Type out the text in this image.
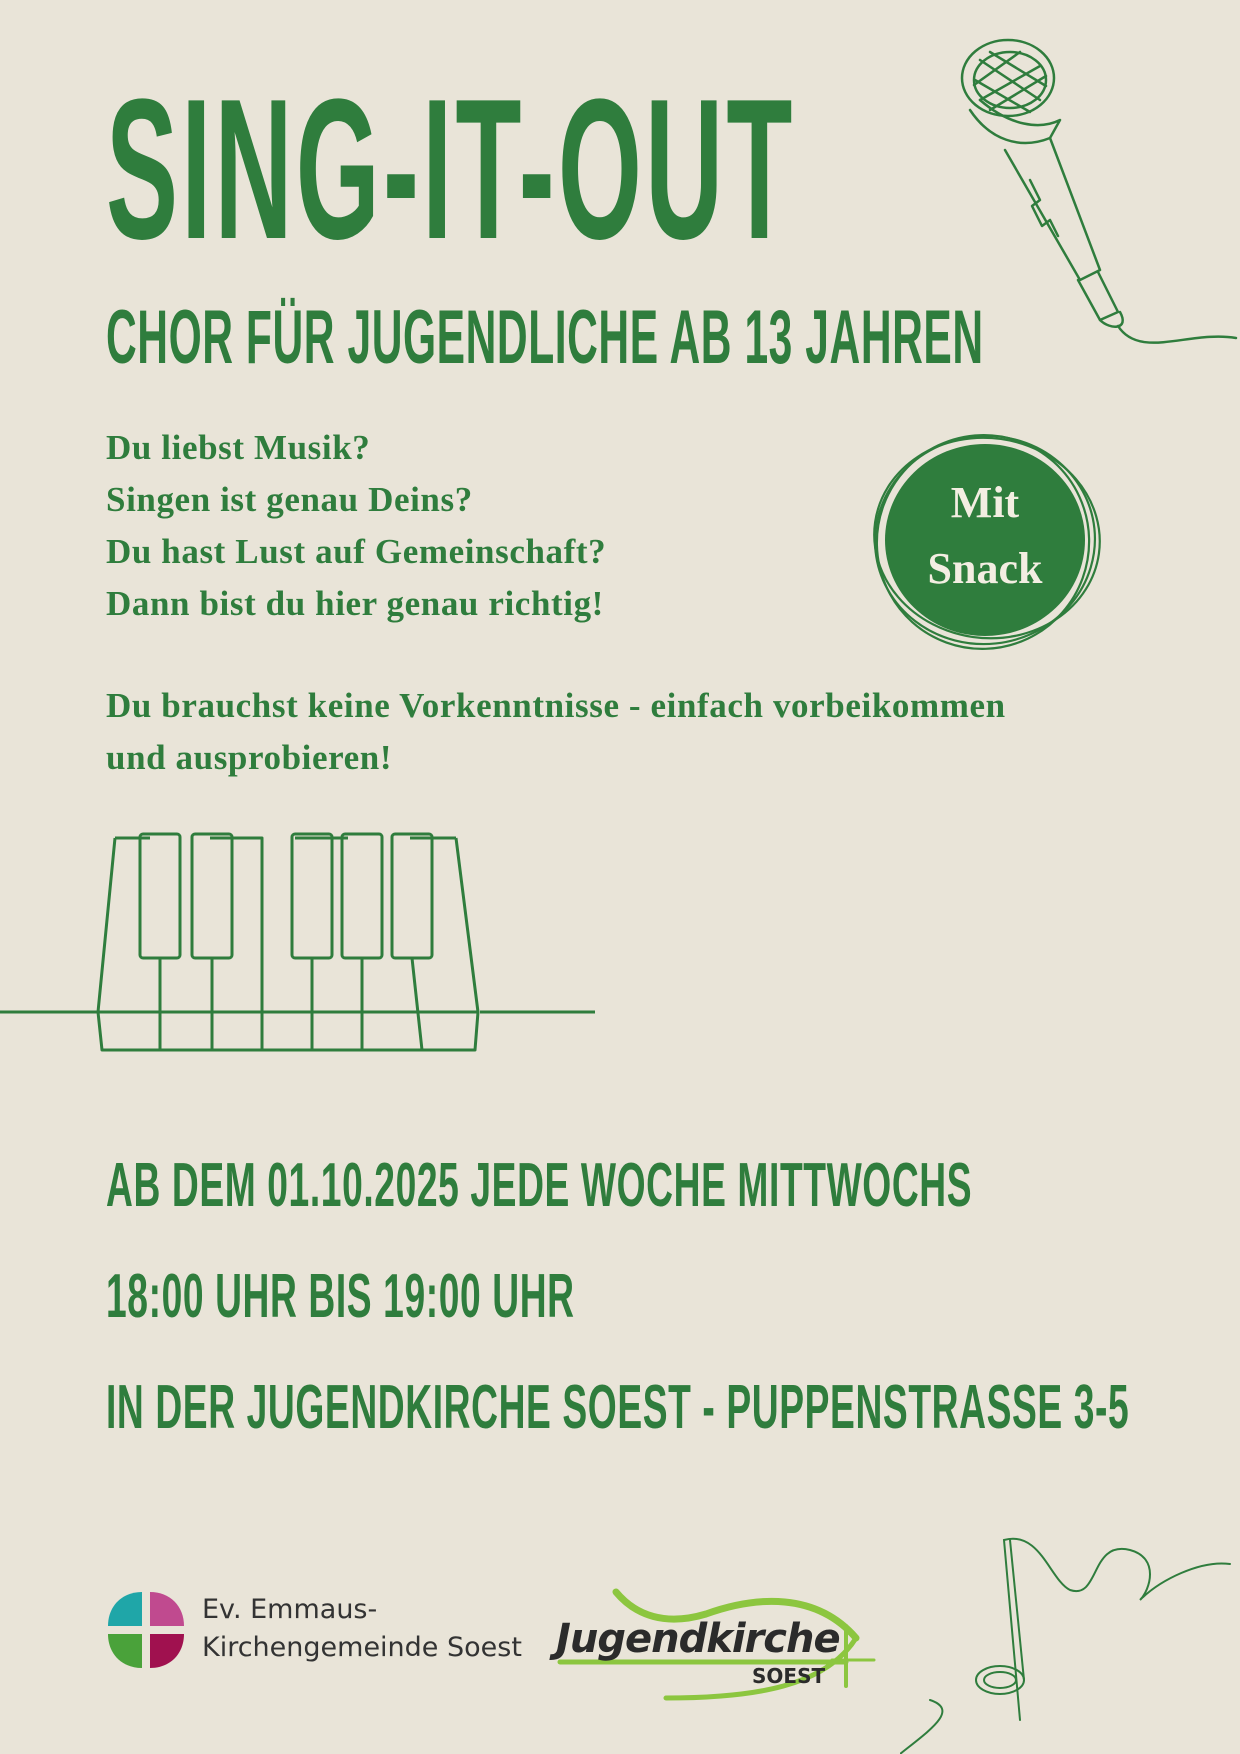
SING-IT-OUT
CHOR FÜR JUGENDLICHE AB 13 JAHREN
Du liebst Musik?
Singen ist genau Deins?
Du hast Lust auf Gemeinschaft?
Dann bist du hier genau richtig!
Mit
Snack
Du brauchst keine Vorkenntnisse - einfach vorbeikommen
und ausprobieren!
AB DEM 01.10.2025 JEDE WOCHE MITTWOCHS
18:00 UHR BIS 19:00 UHR
IN DER JUGENDKIRCHE SOEST - PUPPENSTRASSE 3-5
Ev. Emmaus-
Kirchengemeinde Soest Jugendkirche
SOEST
